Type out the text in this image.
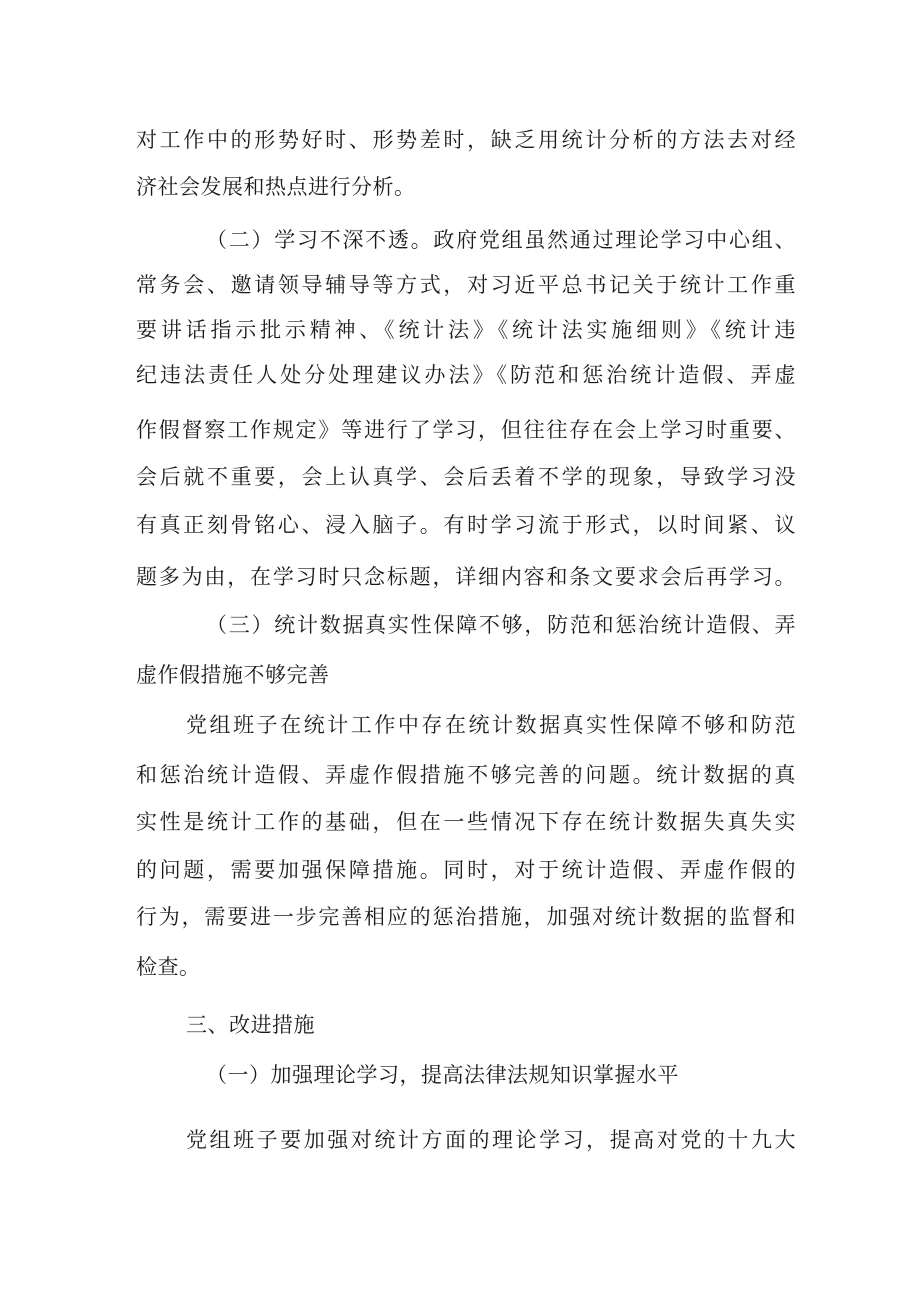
对工作中的形势好时、形势差时，缺乏用统计分析的方法去对经
济社会发展和热点进行分析。
（二）学习不深不透。政府党组虽然通过理论学习中心组、
常务会、邀请领导辅导等方式，对习近平总书记关于统计工作重
要讲话指示批示精神、《统计法》《统计法实施细则》《统计违
纪违法责任人处分处理建议办法》《防范和惩治统计造假、弄虚
作假督察工作规定》等进行了学习，但往往存在会上学习时重要、
会后就不重要，会上认真学、会后丢着不学的现象，导致学习没
有真正刻骨铭心、浸入脑子。有时学习流于形式，以时间紧、议
题多为由，在学习时只念标题，详细内容和条文要求会后再学习。
（三）统计数据真实性保障不够，防范和惩治统计造假、弄
虚作假措施不够完善
党组班子在统计工作中存在统计数据真实性保障不够和防范
和惩治统计造假、弄虚作假措施不够完善的问题。统计数据的真
实性是统计工作的基础，但在一些情况下存在统计数据失真失实
的问题，需要加强保障措施。同时，对于统计造假、弄虚作假的
行为，需要进一步完善相应的惩治措施，加强对统计数据的监督和
检查。
三、改进措施
（一）加强理论学习，提高法律法规知识掌握水平
党组班子要加强对统计方面的理论学习，提高对党的十九大
